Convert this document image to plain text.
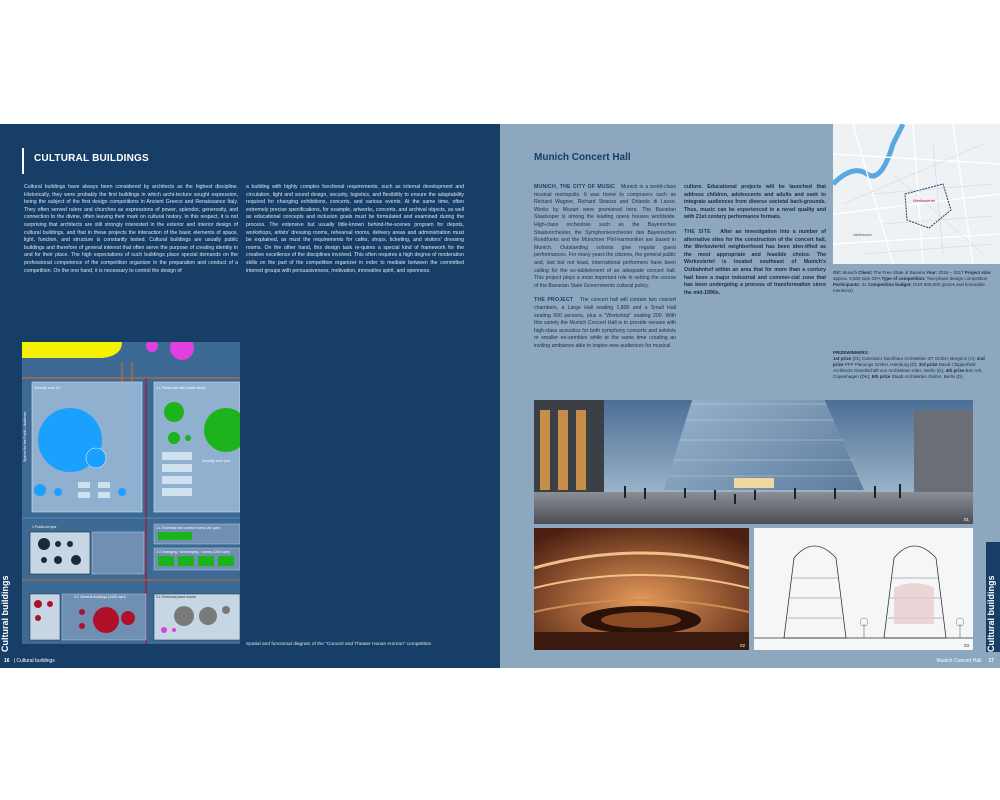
CULTURAL BUILDINGS
Cultural buildings have always been considered by architects as the highest discipline. Historically, they were probably the first buildings in which archi-tecture sought expression, being the subject of the first design competitions in Ancient Greece and Renaissance Italy. They often served rulers and churches as expressions of power, splendor, generosity, and connection to the divine, often leaving their mark on cultural history. In this respect, it is not surprising that architects are still strongly interested in the exterior and interior design of cultural buildings, and that in these projects the interaction of the basic elements of space, light, function, and structure is constantly tested. Cultural buildings are usually public buildings and therefore of general interest that often serve the purpose of creating identity in and for their place. The high expectations of such buildings place special demands on the professional competence of the competition organizer in the preparation and conduct of a competition. On the one hand, it is necessary to control the design of
a building with highly complex functional requirements, such as internal development and circulation, light and sound design, security, logistics, and flexibility to ensure the adaptability required for changing exhibitions, concerts, and various events. At the same time, often extremely precise specifications, for example, artworks, concerts, and archival objects, as well as educational concepts and inclusion goals must be formulated and examined during the process. The extensive but usually little-known behind-the-scenes program for depots, workshops, artists' dressing rooms, rehearsal rooms, delivery areas and administration must be explained, as must the requirements for cafés, shops, ticketing, and visitors' dressing rooms. On the other hand, this design task re-quires a special kind of framework for the creative excellence of the disciplines involved. This often requires a high degree of moderation skills on the part of the competition organizer in order to mediate between the committed interest groups with persuasiveness, motivation, innovative spirit, and openness.
Security zone 01	1.1 Public use with public shops
Security zone pub
1 Public Art spa	2.1 Technical and control rooms (all spar)
2.3 Changing / Unchanging - rooms (1200 sqm)
3.1 General buildings (2430 sqm)	3.1 Technical plant rooms
Spaces for the Public / Audience
Spatial and functional diagram of the "Concert and Theater House Amman" competition
Cultural buildings
16   | Cultural buildings
Munich Concert Hall
Werksviertel
Haidhausen
MUNICH, THE CITY OF MUSIC Munich is a world-class musical metropolis. It was home to composers such as Richard Wagner, Richard Strauss and Orlando di Lasso. Works by Mozart were premiered here. The Bavarian Staatsoper is among the leading opera houses worldwide. High-class orchestras such as the Bayerisches Staatsorchester, the Symphonieorchester des Bayerischen Rundfunks and the Münchner Phil-harmoniker are based in Munich. Outstanding soloists give regular guest performances. For many years the citizens, the general public and, last but not least, international performers have been calling for the es-tablishment of an adequate concert hall. This project plays a most important role in setting the course of the Bavarian State Governments cultural policy.
THE PROJECT The concert hall will contain two concert chambers, a Large Hall seating 1,800 and a Small Hall seating 600 persons, plus a "Workshop" seating 200. With this variety the Munich Concert Hall is to provide venues with high-class acoustics for both symphony concerts and soloists or smaller en-sembles while at the same time creating an inviting ambiance able to inspire new audiences for musical
culture. Educational projects will be launched that address children, adolescents and adults and seek to integrate audiences from diverse societal back-grounds. Thus, music can be experienced in a novel quality and with 21st century performance formats.
THE SITE After an investigation into a number of alternative sites for the construction of the concert hall, the Werksviertel neighborhood has been iden-tified as the most appropriate and feasible choice. The Werksviertel is located southeast of Munich's Ostbahnhof within an area that for more than a century had been a major industrial and commer-cial zone that has been undergoing a process of transformation since the mid-1990s.
Ort: Munich Client: The Free State of Bavaria Year: 2016 – 2017 Project size: approx. 6,500 sqm GFA Type of competition: Two-phase design competition Participants: 31 Competition budget: EUR 900,000 (prizes and honorable mentions)
PRIZEWINNERS:
1st prize (01) Cukrowicz Nachbaur Architekten ZT GmbH, Bregenz (A); 2nd prize PFP Planungs GmbH, Hamburg (D); 3rd prize David Chipperfield Architects Gesellschaft von Architekten mbH, Berlin (D); 4th prize BIG A/S, Copenhagen (DK); 5th prize Staab Architekten GmbH, Berlin (D)
01
02	03
Munich Concert Hall 17
Cultural buildings
